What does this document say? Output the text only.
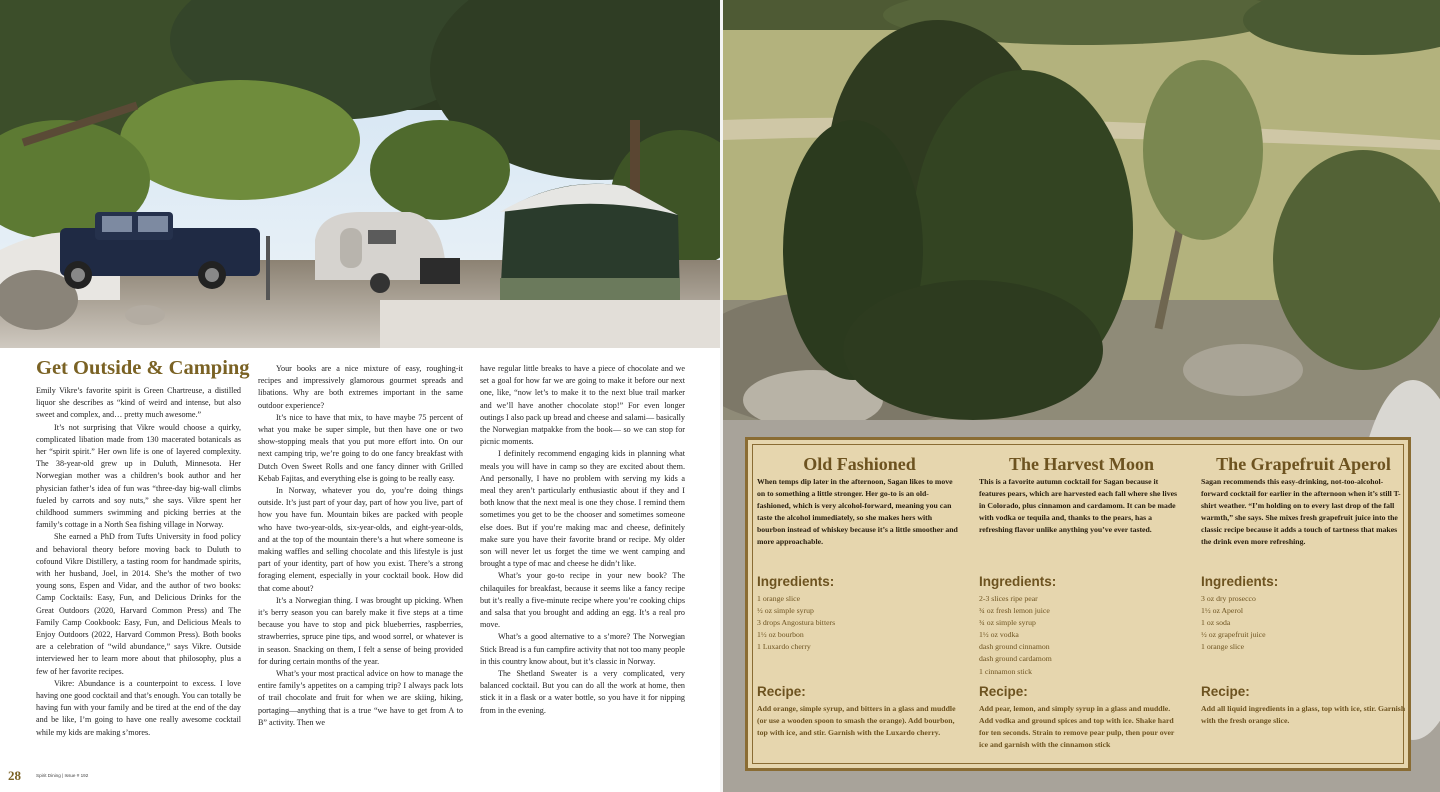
Get Outside & Camping

Emily Vikre’s favorite spirit is Green Chartreuse, a distilled liquor she describes as “kind of weird and intense, but also sweet and complex, and… pretty much awesome.”

It’s not surprising that Vikre would choose a quirky, complicated libation made from 130 macerated botanicals as her “spirit spirit.” Her own life is one of layered complexity. The 38-year-old grew up in Duluth, Minnesota. Her Norwegian mother was a children’s book author and her physician father’s idea of fun was “three-day big-wall climbs fueled by carrots and soy nuts,” she says. Vikre spent her childhood summers swimming and picking berries at the family’s cottage in a North Sea fishing village in Norway.

She earned a PhD from Tufts University in food policy and behavioral theory before moving back to Duluth to cofound Vikre Distillery, a tasting room for handmade spirits, with her husband, Joel, in 2014. She’s the mother of two young sons, Espen and Vidar, and the author of two books: Camp Cocktails: Easy, Fun, and Delicious Drinks for the Great Outdoors (2020, Harvard Common Press) and The Family Camp Cookbook: Easy, Fun, and Delicious Meals to Enjoy Outdoors (2022, Harvard Common Press). Both books are a celebration of “wild abundance,” says Vikre. Outside interviewed her to learn more about that philosophy, plus a few of her favorite recipes.

Vikre: Abundance is a counterpoint to excess. I love having one good cocktail and that’s enough. You can totally be having fun with your family and be tired at the end of the day and be like, I’m going to have one really awesome cocktail while my kids are making s’mores.

Your books are a nice mixture of easy, roughing-it recipes and impressively glamorous gourmet spreads and libations. Why are both extremes important in the same outdoor experience?

It’s nice to have that mix, to have maybe 75 percent of what you make be super simple, but then have one or two show-stopping meals that you put more effort into. On our next camping trip, we’re going to do one fancy breakfast with Dutch Oven Sweet Rolls and one fancy dinner with Grilled Kebab Fajitas, and everything else is going to be really easy.

In Norway, whatever you do, you’re doing things outside. It’s just part of your day, part of how you live, part of how you have fun. Mountain bikes are packed with people who have two-year-olds, six-year-olds, and eight-year-olds, and at the top of the mountain there’s a hut where someone is making waffles and selling chocolate and this lifestyle is just part of your identity, part of how you exist. There’s a strong foraging element, especially in your cocktail book. How did that come about?

It’s a Norwegian thing. I was brought up picking. When it’s berry season you can barely make it five steps at a time because you have to stop and pick blueberries, raspberries, strawberries, spruce pine tips, and wood sorrel, or whatever is in season. Snacking on them, I felt a sense of being provided for during certain months of the year.

What’s your most practical advice on how to manage the entire family’s appetites on a camping trip? I always pack lots of trail chocolate and fruit for when we are skiing, hiking, portaging—anything that is a true “we have to get from A to B” activity. Then we

have regular little breaks to have a piece of chocolate and we set a goal for how far we are going to make it before our next one, like, “now let’s to make it to the next blue trail marker and we’ll have another chocolate stop!” For even longer outings I also pack up bread and cheese and salami— basically the Norwegian matpakke from the book— so we can stop for picnic moments.

I definitely recommend engaging kids in planning what meals you will have in camp so they are excited about them. And personally, I have no problem with serving my kids a meal they aren’t particularly enthusiastic about if they and I both know that the next meal is one they chose. I remind them sometimes you get to be the chooser and sometimes someone else does. But if you’re making mac and cheese, definitely make sure you have their favorite brand or recipe. My older son will never let us forget the time we went camping and brought a type of mac and cheese he didn’t like.

What’s your go-to recipe in your new book? The chilaquiles for breakfast, because it seems like a fancy recipe but it’s really a five-minute recipe where you’re cooking chips and salsa that you brought and adding an egg. It’s a real pro move.

What’s a good alternative to a s’more? The Norwegian Stick Bread is a fun campfire activity that not too many people in this country know about, but it’s classic in Norway.

The Shetland Sweater is a very complicated, very balanced cocktail. But you can do all the work at home, then stick it in a flask or a water bottle, so you have it for nipping from in the evening.

28	Spirit Dining | Issue # 192
Old Fashioned
When temps dip later in the afternoon, Sagan likes to move on to something a little stronger. Her go-to is an old-fashioned, which is very alcohol-forward, meaning you can taste the alcohol immediately, so she makes hers with bourbon instead of whiskey because it’s a little smoother and more approachable.
Ingredients:
1 orange slice
½ oz simple syrup
3 drops Angostura bitters
1½ oz bourbon
1 Luxardo cherry
Recipe:
Add orange, simple syrup, and bitters in a glass and muddle (or use a wooden spoon to smash the orange). Add bourbon, top with ice, and stir. Garnish with the Luxardo cherry.
The Harvest Moon
This is a favorite autumn cocktail for Sagan because it features pears, which are harvested each fall where she lives in Colorado, plus cinnamon and cardamom. It can be made with vodka or tequila and, thanks to the pears, has a refreshing flavor unlike anything you’ve ever tasted.
Ingredients:
2-3 slices ripe pear
¾ oz fresh lemon juice
¾ oz simple syrup
1½ oz vodka
dash ground cinnamon
dash ground cardamom
1 cinnamon stick
Recipe:
Add pear, lemon, and simply syrup in a glass and muddle. Add vodka and ground spices and top with ice. Shake hard for ten seconds. Strain to remove pear pulp, then pour over ice and garnish with the cinnamon stick
The Grapefruit Aperol
Sagan recommends this easy-drinking, not-too-alcohol-forward cocktail for earlier in the afternoon when it’s still T-shirt weather. “I’m holding on to every last drop of the fall warmth,” she says. She mixes fresh grapefruit juice into the classic recipe because it adds a touch of tartness that makes the drink even more refreshing.
Ingredients:
3 oz dry prosecco
1½ oz Aperol
1 oz soda
½ oz grapefruit juice
1 orange slice
Recipe:
Add all liquid ingredients in a glass, top with ice, stir. Garnish with the fresh orange slice.
